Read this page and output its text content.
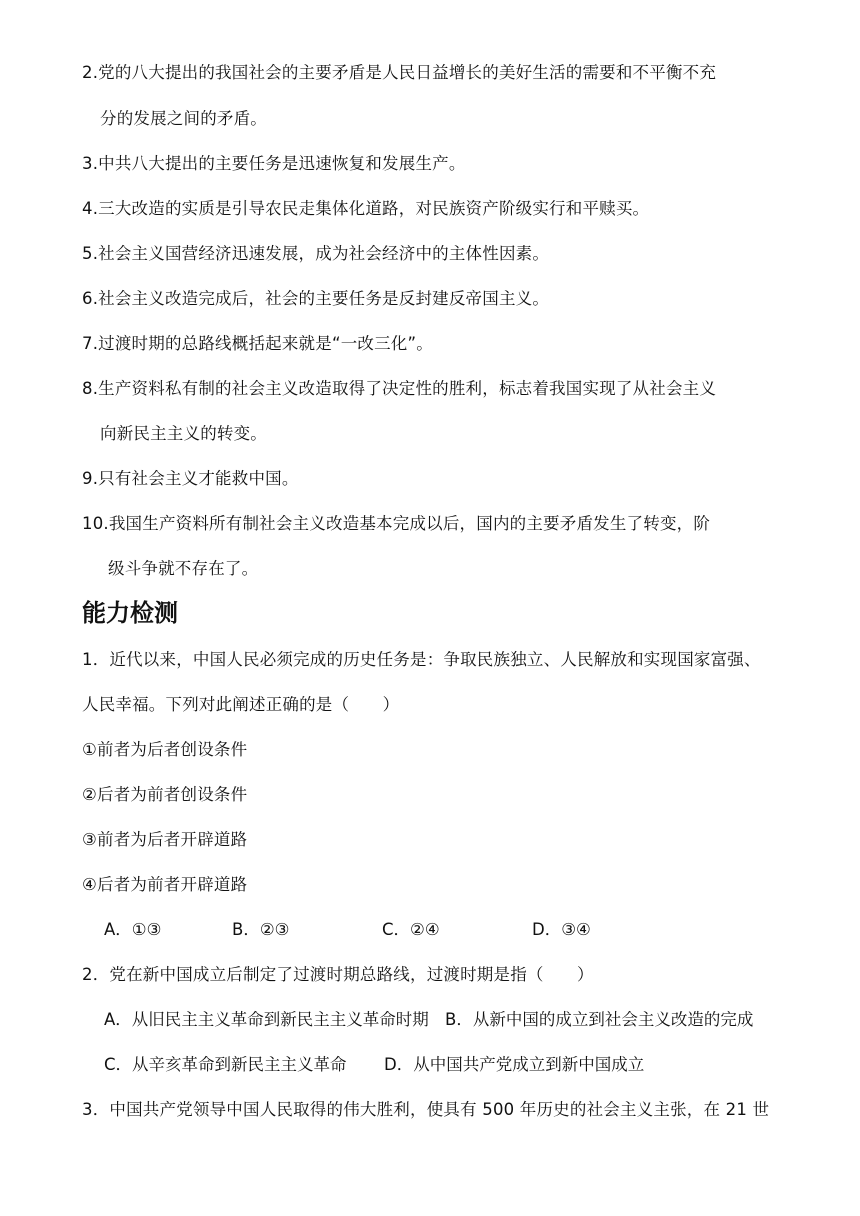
2.党的八大提出的我国社会的主要矛盾是人民日益增长的美好生活的需要和不平衡不充
分的发展之间的矛盾。
3.中共八大提出的主要任务是迅速恢复和发展生产。
4.三大改造的实质是引导农民走集体化道路，对民族资产阶级实行和平赎买。
5.社会主义国营经济迅速发展，成为社会经济中的主体性因素。
6.社会主义改造完成后，社会的主要任务是反封建反帝国主义。
7.过渡时期的总路线概括起来就是“一改三化”。
8.生产资料私有制的社会主义改造取得了决定性的胜利，标志着我国实现了从社会主义
向新民主主义的转变。
9.只有社会主义才能救中国。
10.我国生产资料所有制社会主义改造基本完成以后，国内的主要矛盾发生了转变，阶
级斗争就不存在了。
能力检测
1．近代以来，中国人民必须完成的历史任务是：争取民族独立、人民解放和实现国家富强、
人民幸福。下列对此阐述正确的是（　　）
①前者为后者创设条件
②后者为前者创设条件
③前者为后者开辟道路
④后者为前者开辟道路
A．①③	B．②③	C．②④	D．③④
2．党在新中国成立后制定了过渡时期总路线，过渡时期是指（　　）
A．从旧民主主义革命到新民主主义革命时期 B．从新中国的成立到社会主义改造的完成
C．从辛亥革命到新民主主义革命 D．从中国共产党成立到新中国成立
3．中国共产党领导中国人民取得的伟大胜利，使具有 500 年历史的社会主义主张，在 21 世
